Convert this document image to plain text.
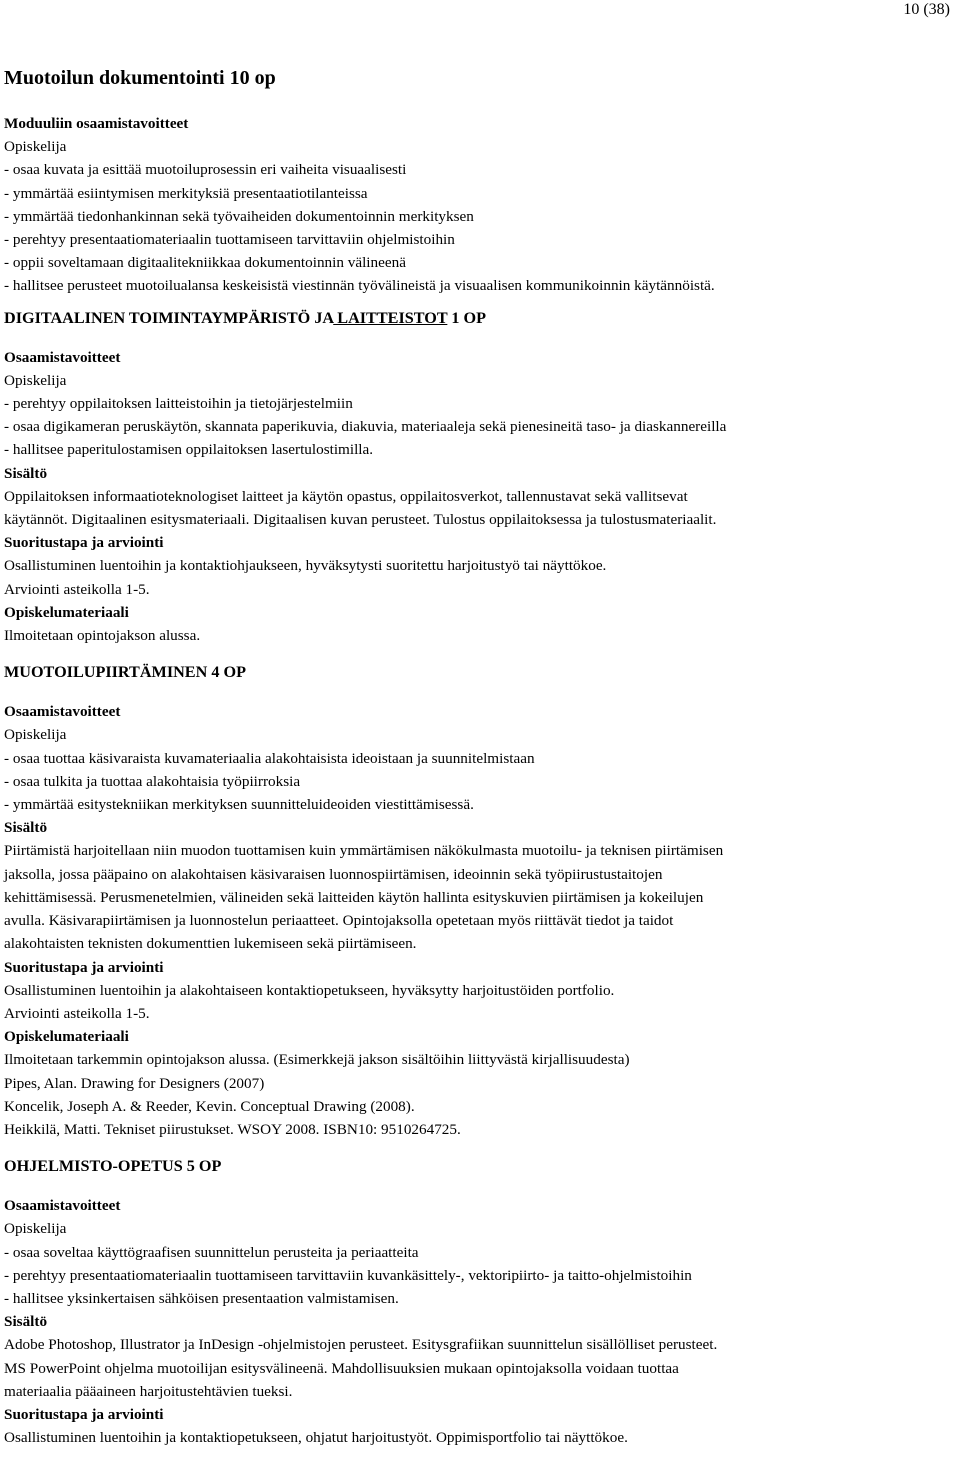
10 (38)
Muotoilun dokumentointi 10 op
Moduuliin osaamistavoitteet
Opiskelija
- osaa kuvata ja esittää muotoiluprosessin eri vaiheita visuaalisesti
- ymmärtää esiintymisen merkityksiä presentaatiotilanteissa
- ymmärtää tiedonhankinnan sekä työvaiheiden dokumentoinnin merkityksen
- perehtyy presentaatiomateriaalin tuottamiseen tarvittaviin ohjelmistoihin
- oppii soveltamaan digitaalitekniikkaa dokumentoinnin välineenä
- hallitsee perusteet muotoilualansa keskeisistä viestinnän työvälineistä ja visuaalisen kommunikoinnin käytännöistä.
DIGITAALINEN TOIMINTAYMPÄRISTÖ JA LAITTEISTOT 1 OP
Osaamistavoitteet
Opiskelija
- perehtyy oppilaitoksen laitteistoihin ja tietojärjestelmiin
- osaa digikameran peruskäytön, skannata paperikuvia, diakuvia, materiaaleja sekä pienesineitä taso- ja diaskannereilla
- hallitsee paperitulostamisen oppilaitoksen lasertulostimilla.
Sisältö
Oppilaitoksen informaatioteknologiset laitteet ja käytön opastus, oppilaitosverkot, tallennustavat sekä vallitsevat
käytännöt. Digitaalinen esitysmateriaali. Digitaalisen kuvan perusteet. Tulostus oppilaitoksessa ja tulostusmateriaalit.
Suoritustapa ja arviointi
Osallistuminen luentoihin ja kontaktiohjaukseen, hyväksytysti suoritettu harjoitustyö tai näyttökoe.
Arviointi asteikolla 1-5.
Opiskelumateriaali
Ilmoitetaan opintojakson alussa.
MUOTOILUPIIRTÄMINEN 4 OP
Osaamistavoitteet
Opiskelija
- osaa tuottaa käsivaraista kuvamateriaalia alakohtaisista ideoistaan ja suunnitelmistaan
- osaa tulkita ja tuottaa alakohtaisia työpiirroksia
- ymmärtää esitystekniikan merkityksen suunnitteluideoiden viestittämisessä.
Sisältö
Piirtämistä harjoitellaan niin muodon tuottamisen kuin ymmärtämisen näkökulmasta muotoilu- ja teknisen piirtämisen
jaksolla, jossa pääpaino on alakohtaisen käsivaraisen luonnospiirtämisen, ideoinnin sekä työpiirustustaitojen
kehittämisessä. Perusmenetelmien, välineiden sekä laitteiden käytön hallinta esityskuvien piirtämisen ja kokeilujen
avulla. Käsivarapiirtämisen ja luonnostelun periaatteet. Opintojaksolla opetetaan myös riittävät tiedot ja taidot
alakohtaisten teknisten dokumenttien lukemiseen sekä piirtämiseen.
Suoritustapa ja arviointi
Osallistuminen luentoihin ja alakohtaiseen kontaktiopetukseen, hyväksytty harjoitustöiden portfolio.
Arviointi asteikolla 1-5.
Opiskelumateriaali
Ilmoitetaan tarkemmin opintojakson alussa. (Esimerkkejä jakson sisältöihin liittyvästä kirjallisuudesta)
Pipes, Alan. Drawing for Designers (2007)
Koncelik, Joseph A. & Reeder, Kevin. Conceptual Drawing (2008).
Heikkilä, Matti. Tekniset piirustukset. WSOY 2008. ISBN10: 9510264725.
OHJELMISTO-OPETUS 5 OP
Osaamistavoitteet
Opiskelija
- osaa soveltaa käyttögraafisen suunnittelun perusteita ja periaatteita
- perehtyy presentaatiomateriaalin tuottamiseen tarvittaviin kuvankäsittely-, vektoripiirto- ja taitto-ohjelmistoihin
- hallitsee yksinkertaisen sähköisen presentaation valmistamisen.
Sisältö
Adobe Photoshop, Illustrator ja InDesign -ohjelmistojen perusteet. Esitysgrafiikan suunnittelun sisällölliset perusteet.
MS PowerPoint ohjelma muotoilijan esitysvälineenä. Mahdollisuuksien mukaan opintojaksolla voidaan tuottaa
materiaalia pääaineen harjoitustehtävien tueksi.
Suoritustapa ja arviointi
Osallistuminen luentoihin ja kontaktiopetukseen, ohjatut harjoitustyöt. Oppimisportfolio tai näyttökoe.
